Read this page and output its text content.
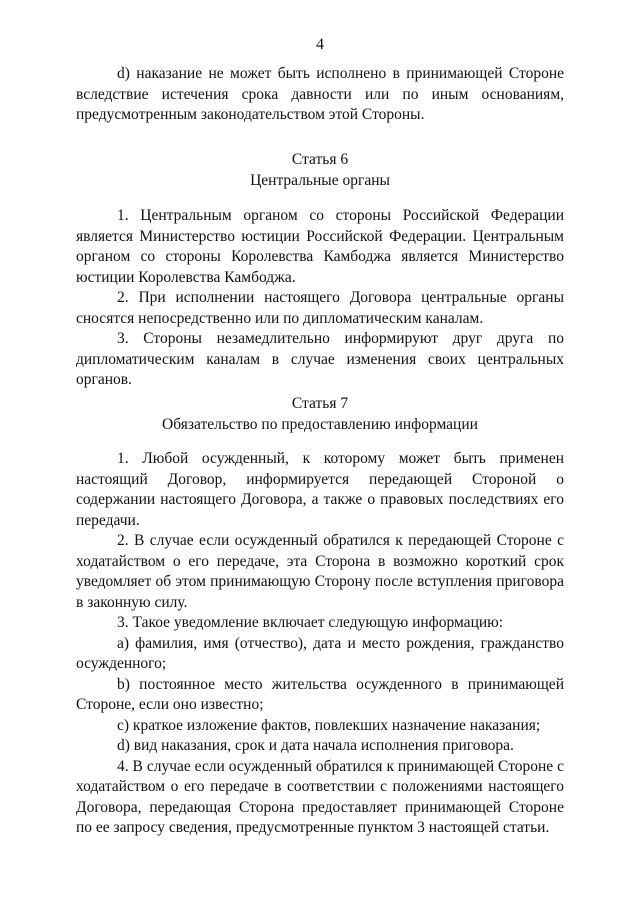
4

d) наказание не может быть исполнено в принимающей Стороне вследствие истечения срока давности или по иным основаниям, предусмотренным законодательством этой Стороны.

Статья 6
Центральные органы

1. Центральным органом со стороны Российской Федерации является Министерство юстиции Российской Федерации. Центральным органом со стороны Королевства Камбоджа является Министерство юстиции Королевства Камбоджа.

2. При исполнении настоящего Договора центральные органы сносятся непосредственно или по дипломатическим каналам.

3. Стороны незамедлительно информируют друг друга по дипломатическим каналам в случае изменения своих центральных органов.

Статья 7
Обязательство по предоставлению информации

1. Любой осужденный, к которому может быть применен настоящий Договор, информируется передающей Стороной о содержании настоящего Договора, а также о правовых последствиях его передачи.

2. В случае если осужденный обратился к передающей Стороне с ходатайством о его передаче, эта Сторона в возможно короткий срок уведомляет об этом принимающую Сторону после вступления приговора в законную силу.

3. Такое уведомление включает следующую информацию:

a) фамилия, имя (отчество), дата и место рождения, гражданство осужденного;

b) постоянное место жительства осужденного в принимающей Стороне, если оно известно;

c) краткое изложение фактов, повлекших назначение наказания;

d) вид наказания, срок и дата начала исполнения приговора.

4. В случае если осужденный обратился к принимающей Стороне с ходатайством о его передаче в соответствии с положениями настоящего Договора, передающая Сторона предоставляет принимающей Стороне по ее запросу сведения, предусмотренные пунктом 3 настоящей статьи.
